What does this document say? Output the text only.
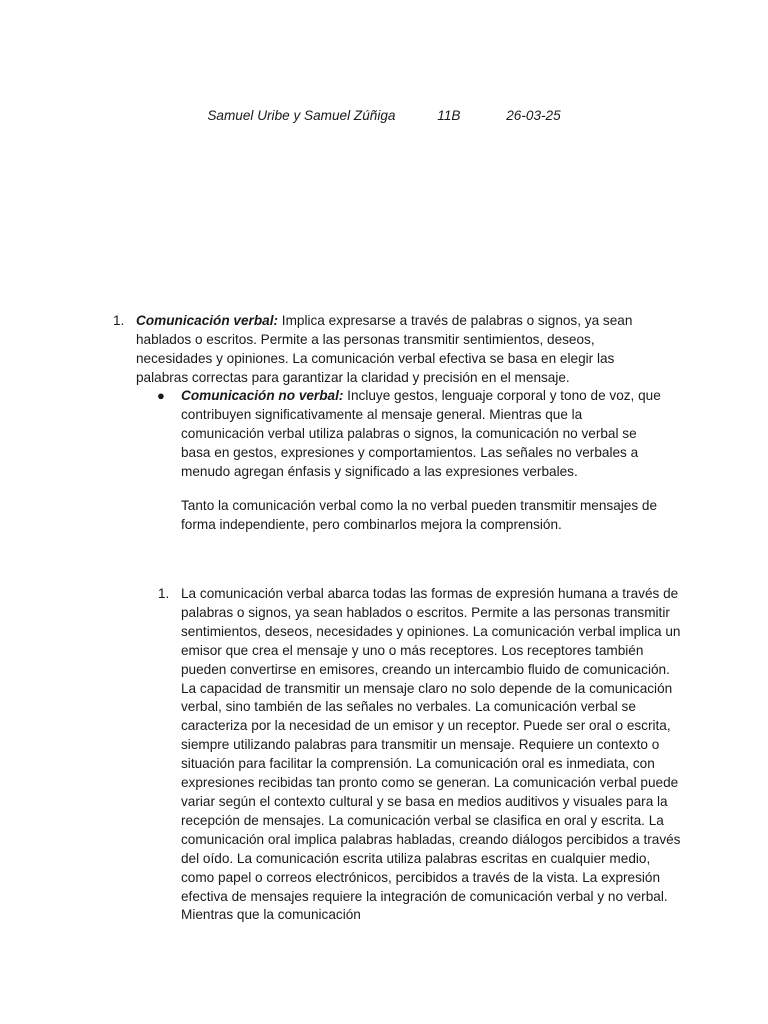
Samuel Uribe y Samuel Zúñiga	11B	26-03-25
1. Comunicación verbal: Implica expresarse a través de palabras o signos, ya sean hablados o escritos. Permite a las personas transmitir sentimientos, deseos, necesidades y opiniones. La comunicación verbal efectiva se basa en elegir las palabras correctas para garantizar la claridad y precisión en el mensaje.

● Comunicación no verbal: Incluye gestos, lenguaje corporal y tono de voz, que contribuyen significativamente al mensaje general. Mientras que la comunicación verbal utiliza palabras o signos, la comunicación no verbal se basa en gestos, expresiones y comportamientos. Las señales no verbales a menudo agregan énfasis y significado a las expresiones verbales.

Tanto la comunicación verbal como la no verbal pueden transmitir mensajes de forma independiente, pero combinarlos mejora la comprensión.

1. La comunicación verbal abarca todas las formas de expresión humana a través de palabras o signos, ya sean hablados o escritos. Permite a las personas transmitir sentimientos, deseos, necesidades y opiniones. La comunicación verbal implica un emisor que crea el mensaje y uno o más receptores. Los receptores también pueden convertirse en emisores, creando un intercambio fluido de comunicación. La capacidad de transmitir un mensaje claro no solo depende de la comunicación verbal, sino también de las señales no verbales. La comunicación verbal se caracteriza por la necesidad de un emisor y un receptor. Puede ser oral o escrita, siempre utilizando palabras para transmitir un mensaje. Requiere un contexto o situación para facilitar la comprensión. La comunicación oral es inmediata, con expresiones recibidas tan pronto como se generan. La comunicación verbal puede variar según el contexto cultural y se basa en medios auditivos y visuales para la recepción de mensajes. La comunicación verbal se clasifica en oral y escrita. La comunicación oral implica palabras habladas, creando diálogos percibidos a través del oído. La comunicación escrita utiliza palabras escritas en cualquier medio, como papel o correos electrónicos, percibidos a través de la vista. La expresión efectiva de mensajes requiere la integración de comunicación verbal y no verbal. Mientras que la comunicación
